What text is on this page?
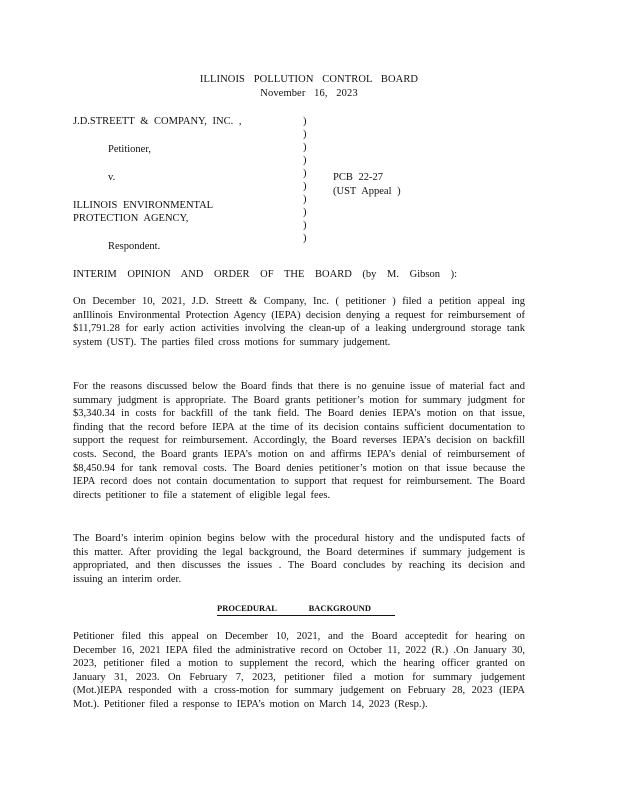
ILLINOIS POLLUTION CONTROL BOARD
November 16, 2023
J.D.STREETT & COMPANY, INC. ,
Petitioner,
v.
ILLINOIS ENVIRONMENTAL
PROTECTION AGENCY,
Respondent.
)
)
)
)
)
)
)
)
)
)
PCB 22-27
(UST Appeal )
INTERIM OPINION AND ORDER OF THE BOARD (by M. Gibson ):
On December 10, 2021, J.D. Streett & Company, Inc. ( petitioner ) filed a petition appeal ing anIllinois Environmental Protection Agency (IEPA) decision denying a request for reimbursement of $11,791.28 for early action activities involving the clean-up of a leaking underground storage tank system (UST). The parties filed cross motions for summary judgement.
For the reasons discussed below the Board finds that there is no genuine issue of material fact and summary judgment is appropriate. The Board grants petitioner’s motion for summary judgment for $3,340.34 in costs for backfill of the tank field. The Board denies IEPA’s motion on that issue, finding that the record before IEPA at the time of its decision contains sufficient documentation to support the request for reimbursement. Accordingly, the Board reverses IEPA’s decision on backfill costs. Second, the Board grants IEPA’s motion on and affirms IEPA’s denial of reimbursement of $8,450.94 for tank removal costs. The Board denies petitioner’s motion on that issue because the IEPA record does not contain documentation to support that request for reimbursement. The Board directs petitioner to file a statement of eligible legal fees.
The Board’s interim opinion begins below with the procedural history and the undisputed facts of this matter. After providing the legal background, the Board determines if summary judgement is appropriated, and then discusses the issues . The Board concludes by reaching its decision and issuing an interim order.
PROCEDURAL BACKGROUND
Petitioner filed this appeal on December 10, 2021, and the Board acceptedit for hearing on December 16, 2021 IEPA filed the administrative record on October 11, 2022 (R.) .On January 30, 2023, petitioner filed a motion to supplement the record, which the hearing officer granted on January 31, 2023. On February 7, 2023, petitioner filed a motion for summary judgement (Mot.)IEPA responded with a cross-motion for summary judgement on February 28, 2023 (IEPA Mot.). Petitioner filed a response to IEPA’s motion on March 14, 2023 (Resp.).
